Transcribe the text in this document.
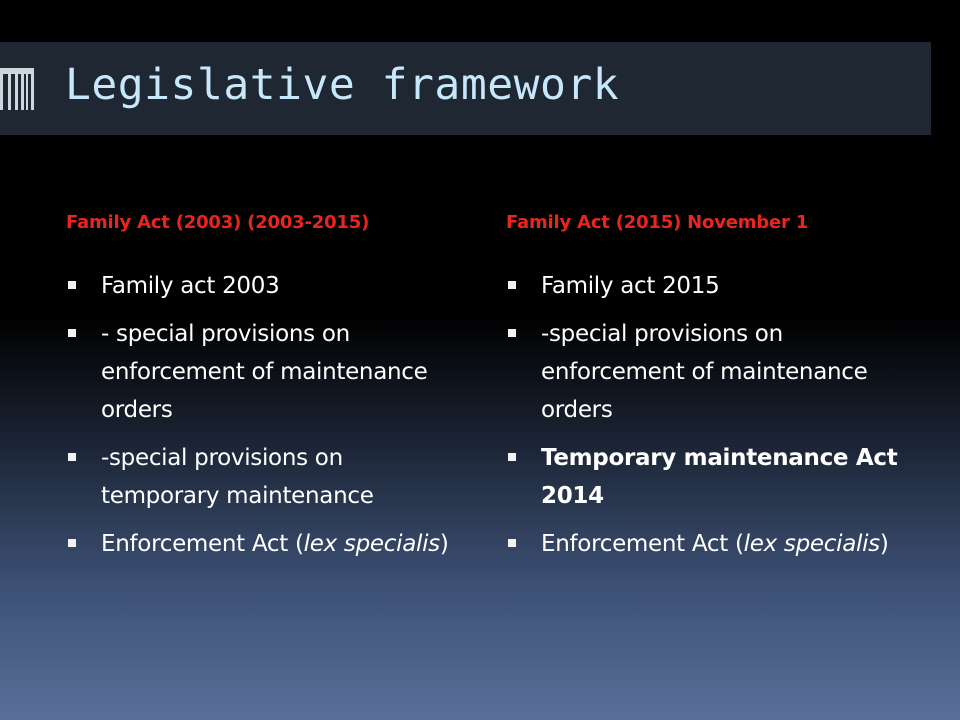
Legislative framework
Family Act (2003) (2003-2015)
Family act 2003
- special provisions on enforcement of maintenance orders
-special provisions on temporary maintenance
Enforcement Act (lex specialis)
Family Act (2015) November 1
Family act 2015
-special provisions on enforcement of maintenance orders
Temporary maintenance Act 2014
Enforcement Act (lex specialis)
